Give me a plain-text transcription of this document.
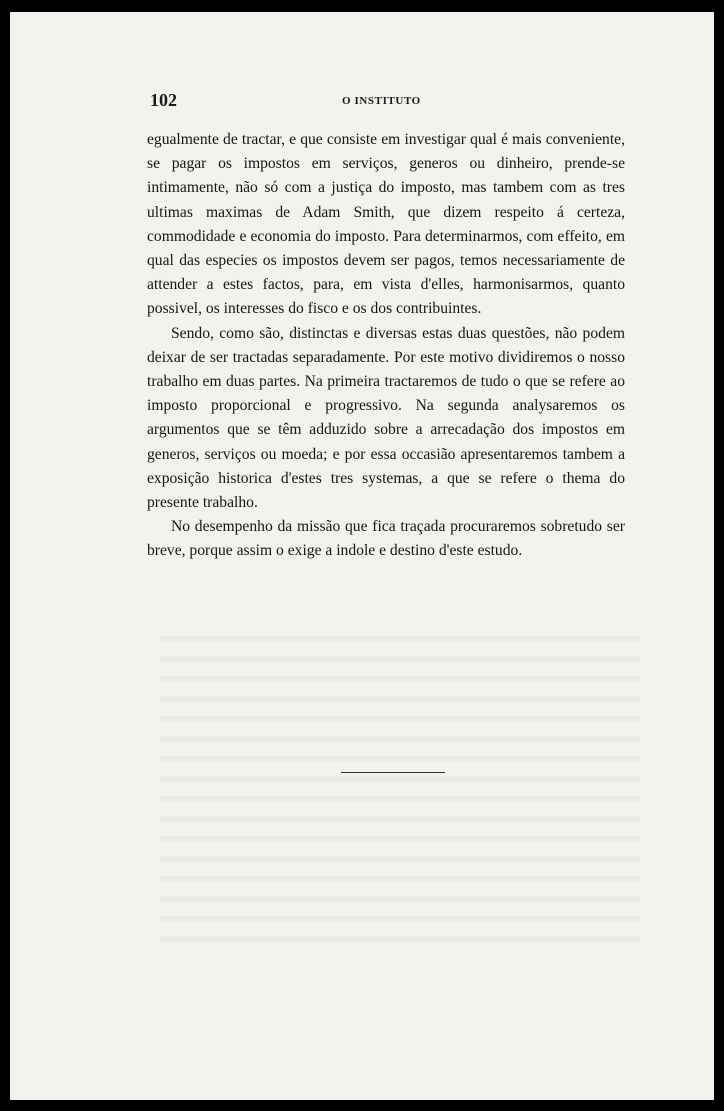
102	O INSTITUTO

egualmente de tractar, e que consiste em investigar qual é mais conveniente, se pagar os impostos em serviços, generos ou dinheiro, prende-se intimamente, não só com a justiça do imposto, mas tambem com as tres ultimas maximas de Adam Smith, que dizem respeito á certeza, commodidade e economia do imposto. Para determinarmos, com effeito, em qual das especies os impostos devem ser pagos, temos necessariamente de attender a estes factos, para, em vista d'elles, harmonisarmos, quanto possivel, os interesses do fisco e os dos contribuintes.

Sendo, como são, distinctas e diversas estas duas questões, não podem deixar de ser tractadas separadamente. Por este motivo dividiremos o nosso trabalho em duas partes. Na primeira tractaremos de tudo o que se refere ao imposto proporcional e progressivo. Na segunda analysaremos os argumentos que se têm adduzido sobre a arrecadação dos impostos em generos, serviços ou moeda; e por essa occasião apresentaremos tambem a exposição historica d'estes tres systemas, a que se refere o thema do presente trabalho.

No desempenho da missão que fica traçada procuraremos sobretudo ser breve, porque assim o exige a indole e destino d'este estudo.
